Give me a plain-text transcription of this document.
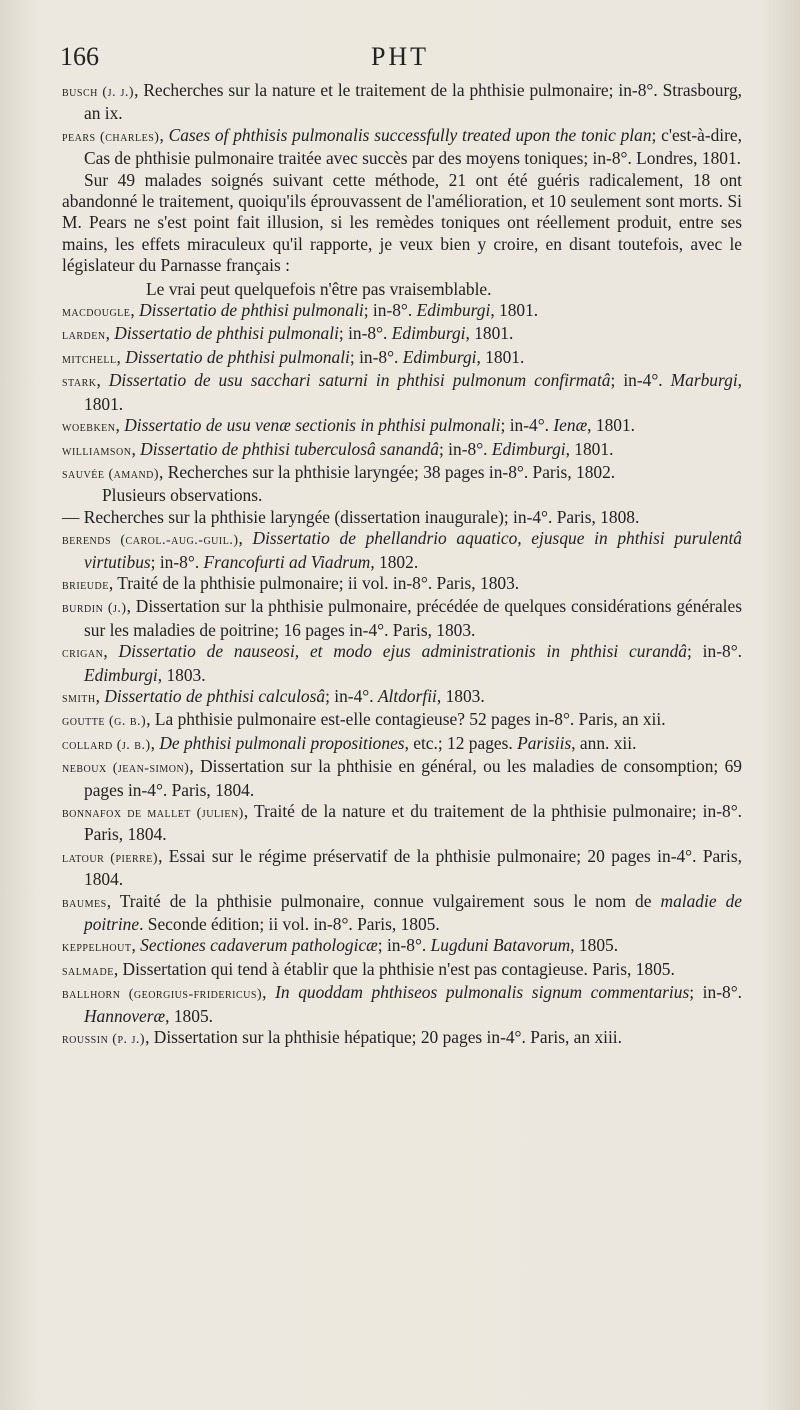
166	PHT

busch (j. j.), Recherches sur la nature et le traitement de la phthisie pulmonaire; in-8°. Strasbourg, an ix.

pears (charles), Cases of phthisis pulmonalis successfully treated upon the tonic plan; c'est-à-dire, Cas de phthisie pulmonaire traitée avec succès par des moyens toniques; in-8°. Londres, 1801.

Sur 49 malades soignés suivant cette méthode, 21 ont été guéris radicalement, 18 ont abandonné le traitement, quoiqu'ils éprouvassent de l'amélioration, et 10 seulement sont morts. Si M. Pears ne s'est point fait illusion, si les remèdes toniques ont réellement produit, entre ses mains, les effets miraculeux qu'il rapporte, je veux bien y croire, en disant toutefois, avec le législateur du Parnasse français :

Le vrai peut quelquefois n'être pas vraisemblable.

macdougle, Dissertatio de phthisi pulmonali; in-8°. Edimburgi, 1801.

larden, Dissertatio de phthisi pulmonali; in-8°. Edimburgi, 1801.

mitchell, Dissertatio de phthisi pulmonali; in-8°. Edimburgi, 1801.

stark, Dissertatio de usu sacchari saturni in phthisi pulmonum confirmatâ; in-4°. Marburgi, 1801.

woebken, Dissertatio de usu venæ sectionis in phthisi pulmonali; in-4°. Ienæ, 1801.

williamson, Dissertatio de phthisi tuberculosâ sanandâ; in-8°. Edimburgi, 1801.

sauvée (amand), Recherches sur la phthisie laryngée; 38 pages in-8°. Paris, 1802.

Plusieurs observations.

— Recherches sur la phthisie laryngée (dissertation inaugurale); in-4°. Paris, 1808.

berends (carol.-aug.-guil.), Dissertatio de phellandrio aquatico, ejusque in phthisi purulentâ virtutibus; in-8°. Francofurti ad Viadrum, 1802.

brieude, Traité de la phthisie pulmonaire; ii vol. in-8°. Paris, 1803.

burdin (j.), Dissertation sur la phthisie pulmonaire, précédée de quelques considérations générales sur les maladies de poitrine; 16 pages in-4°. Paris, 1803.

crigan, Dissertatio de nauseosi, et modo ejus administrationis in phthisi curandâ; in-8°. Edimburgi, 1803.

smith, Dissertatio de phthisi calculosâ; in-4°. Altdorfii, 1803.

goutte (g. b.), La phthisie pulmonaire est-elle contagieuse? 52 pages in-8°. Paris, an xii.

collard (j. b.), De phthisi pulmonali propositiones, etc.; 12 pages. Parisiis, ann. xii.

neboux (jean-simon), Dissertation sur la phthisie en général, ou les maladies de consomption; 69 pages in-4°. Paris, 1804.

bonnafox de mallet (julien), Traité de la nature et du traitement de la phthisie pulmonaire; in-8°. Paris, 1804.

latour (pierre), Essai sur le régime préservatif de la phthisie pulmonaire; 20 pages in-4°. Paris, 1804.

baumes, Traité de la phthisie pulmonaire, connue vulgairement sous le nom de maladie de poitrine. Seconde édition; ii vol. in-8°. Paris, 1805.

keppelhout, Sectiones cadaverum pathologicæ; in-8°. Lugduni Batavorum, 1805.

salmade, Dissertation qui tend à établir que la phthisie n'est pas contagieuse. Paris, 1805.

ballhorn (georgius-fridericus), In quoddam phthiseos pulmonalis signum commentarius; in-8°. Hannoveræ, 1805.

roussin (p. j.), Dissertation sur la phthisie hépatique; 20 pages in-4°. Paris, an xiii.
